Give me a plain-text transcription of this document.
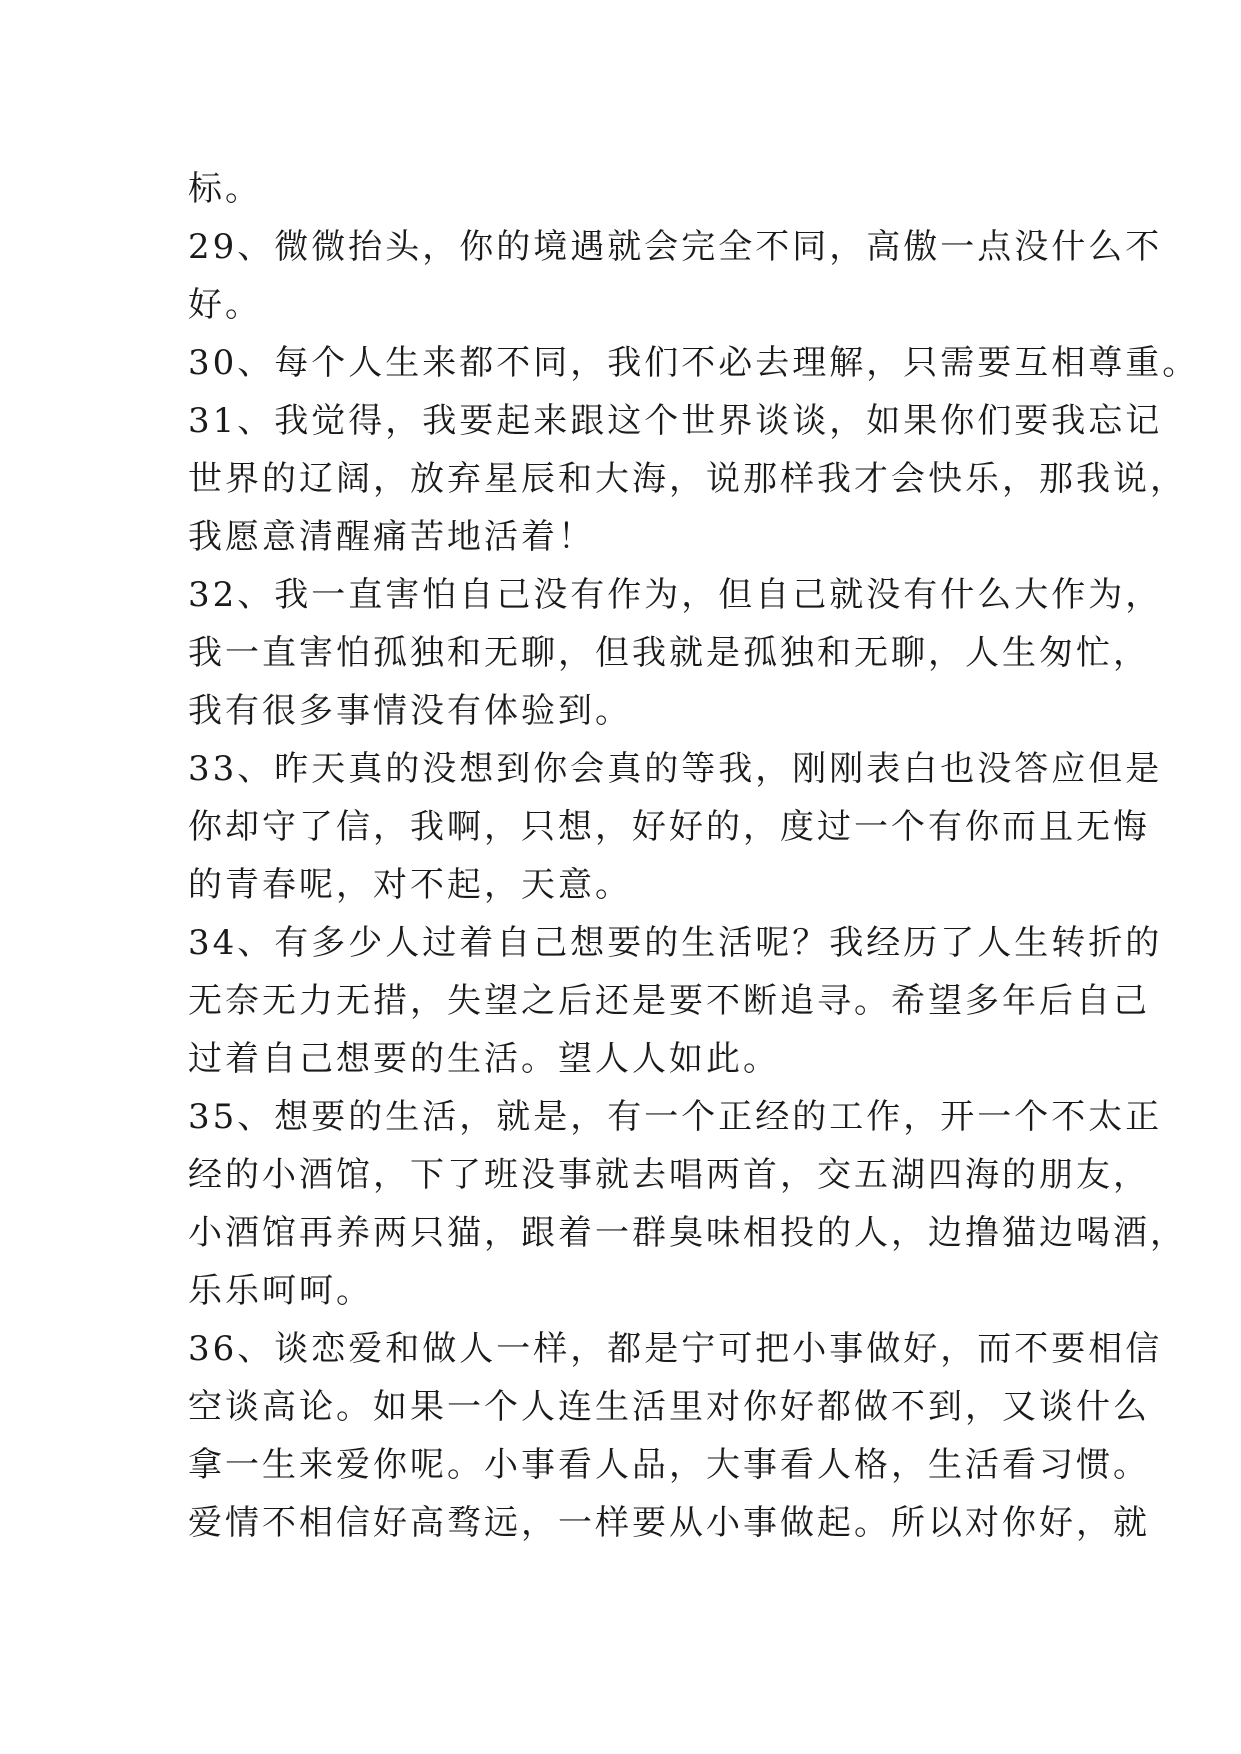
标。
29、微微抬头，你的境遇就会完全不同，高傲一点没什么不
好。
30、每个人生来都不同，我们不必去理解，只需要互相尊重。
31、我觉得，我要起来跟这个世界谈谈，如果你们要我忘记
世界的辽阔，放弃星辰和大海，说那样我才会快乐，那我说，
我愿意清醒痛苦地活着！
32、我一直害怕自己没有作为，但自己就没有什么大作为，
我一直害怕孤独和无聊，但我就是孤独和无聊，人生匆忙，
我有很多事情没有体验到。
33、昨天真的没想到你会真的等我，刚刚表白也没答应但是
你却守了信，我啊，只想，好好的，度过一个有你而且无悔
的青春呢，对不起，天意。
34、有多少人过着自己想要的生活呢？我经历了人生转折的
无奈无力无措，失望之后还是要不断追寻。希望多年后自己
过着自己想要的生活。望人人如此。
35、想要的生活，就是，有一个正经的工作，开一个不太正
经的小酒馆，下了班没事就去唱两首，交五湖四海的朋友，
小酒馆再养两只猫，跟着一群臭味相投的人，边撸猫边喝酒，
乐乐呵呵。
36、谈恋爱和做人一样，都是宁可把小事做好，而不要相信
空谈高论。如果一个人连生活里对你好都做不到，又谈什么
拿一生来爱你呢。小事看人品，大事看人格，生活看习惯。
爱情不相信好高骛远，一样要从小事做起。所以对你好，就
